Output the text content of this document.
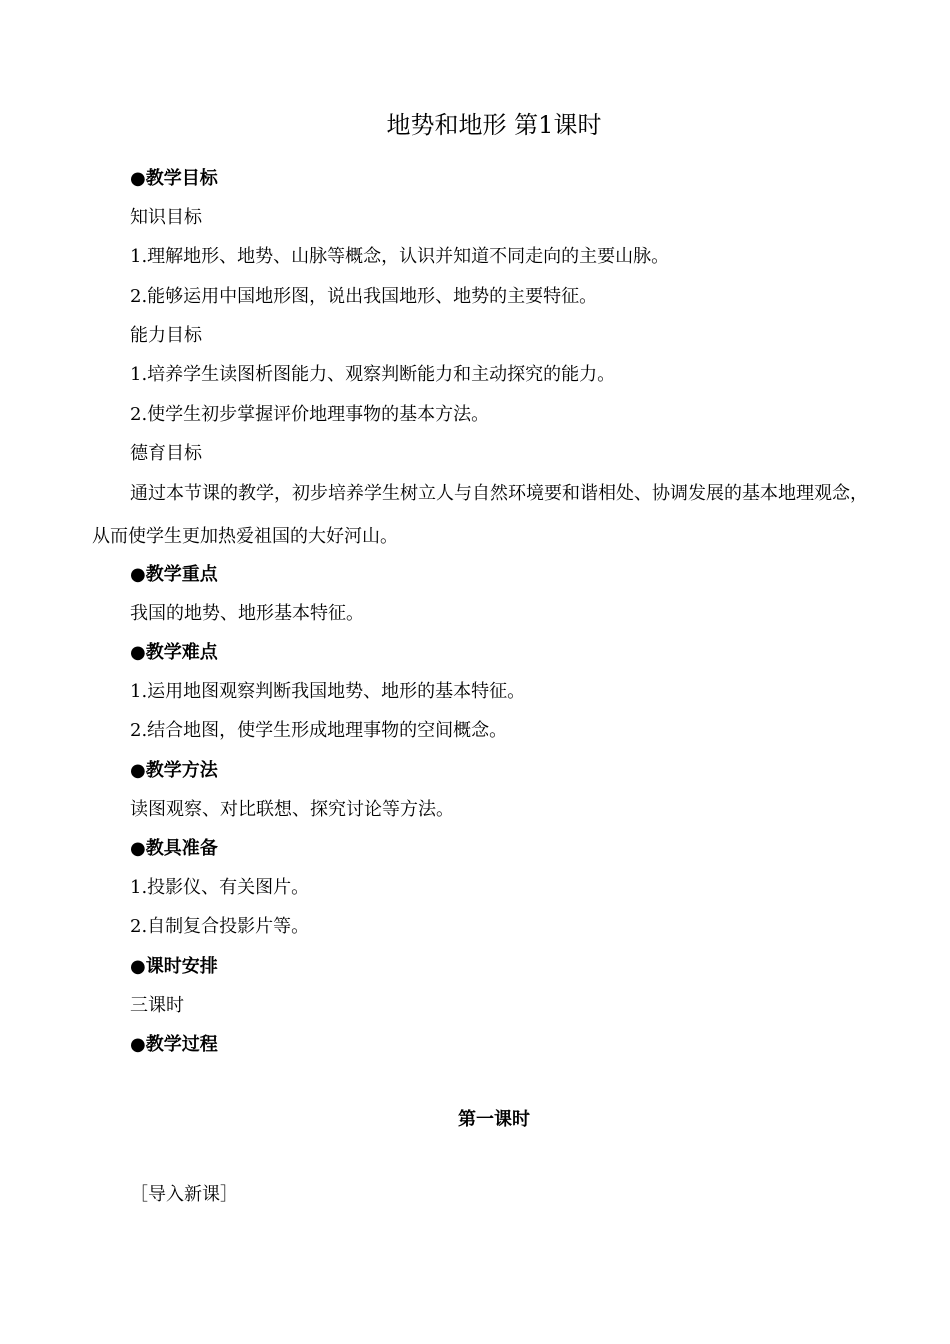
地势和地形 第1课时
●教学目标
知识目标
1.理解地形、地势、山脉等概念，认识并知道不同走向的主要山脉。
2.能够运用中国地形图，说出我国地形、地势的主要特征。
能力目标
1.培养学生读图析图能力、观察判断能力和主动探究的能力。
2.使学生初步掌握评价地理事物的基本方法。
德育目标
通过本节课的教学，初步培养学生树立人与自然环境要和谐相处、协调发展的基本地理观念，从而使学生更加热爱祖国的大好河山。
●教学重点
我国的地势、地形基本特征。
●教学难点
1.运用地图观察判断我国地势、地形的基本特征。
2.结合地图，使学生形成地理事物的空间概念。
●教学方法
读图观察、对比联想、探究讨论等方法。
●教具准备
1.投影仪、有关图片。
2.自制复合投影片等。
●课时安排
三课时
●教学过程
第一课时
［导入新课］
